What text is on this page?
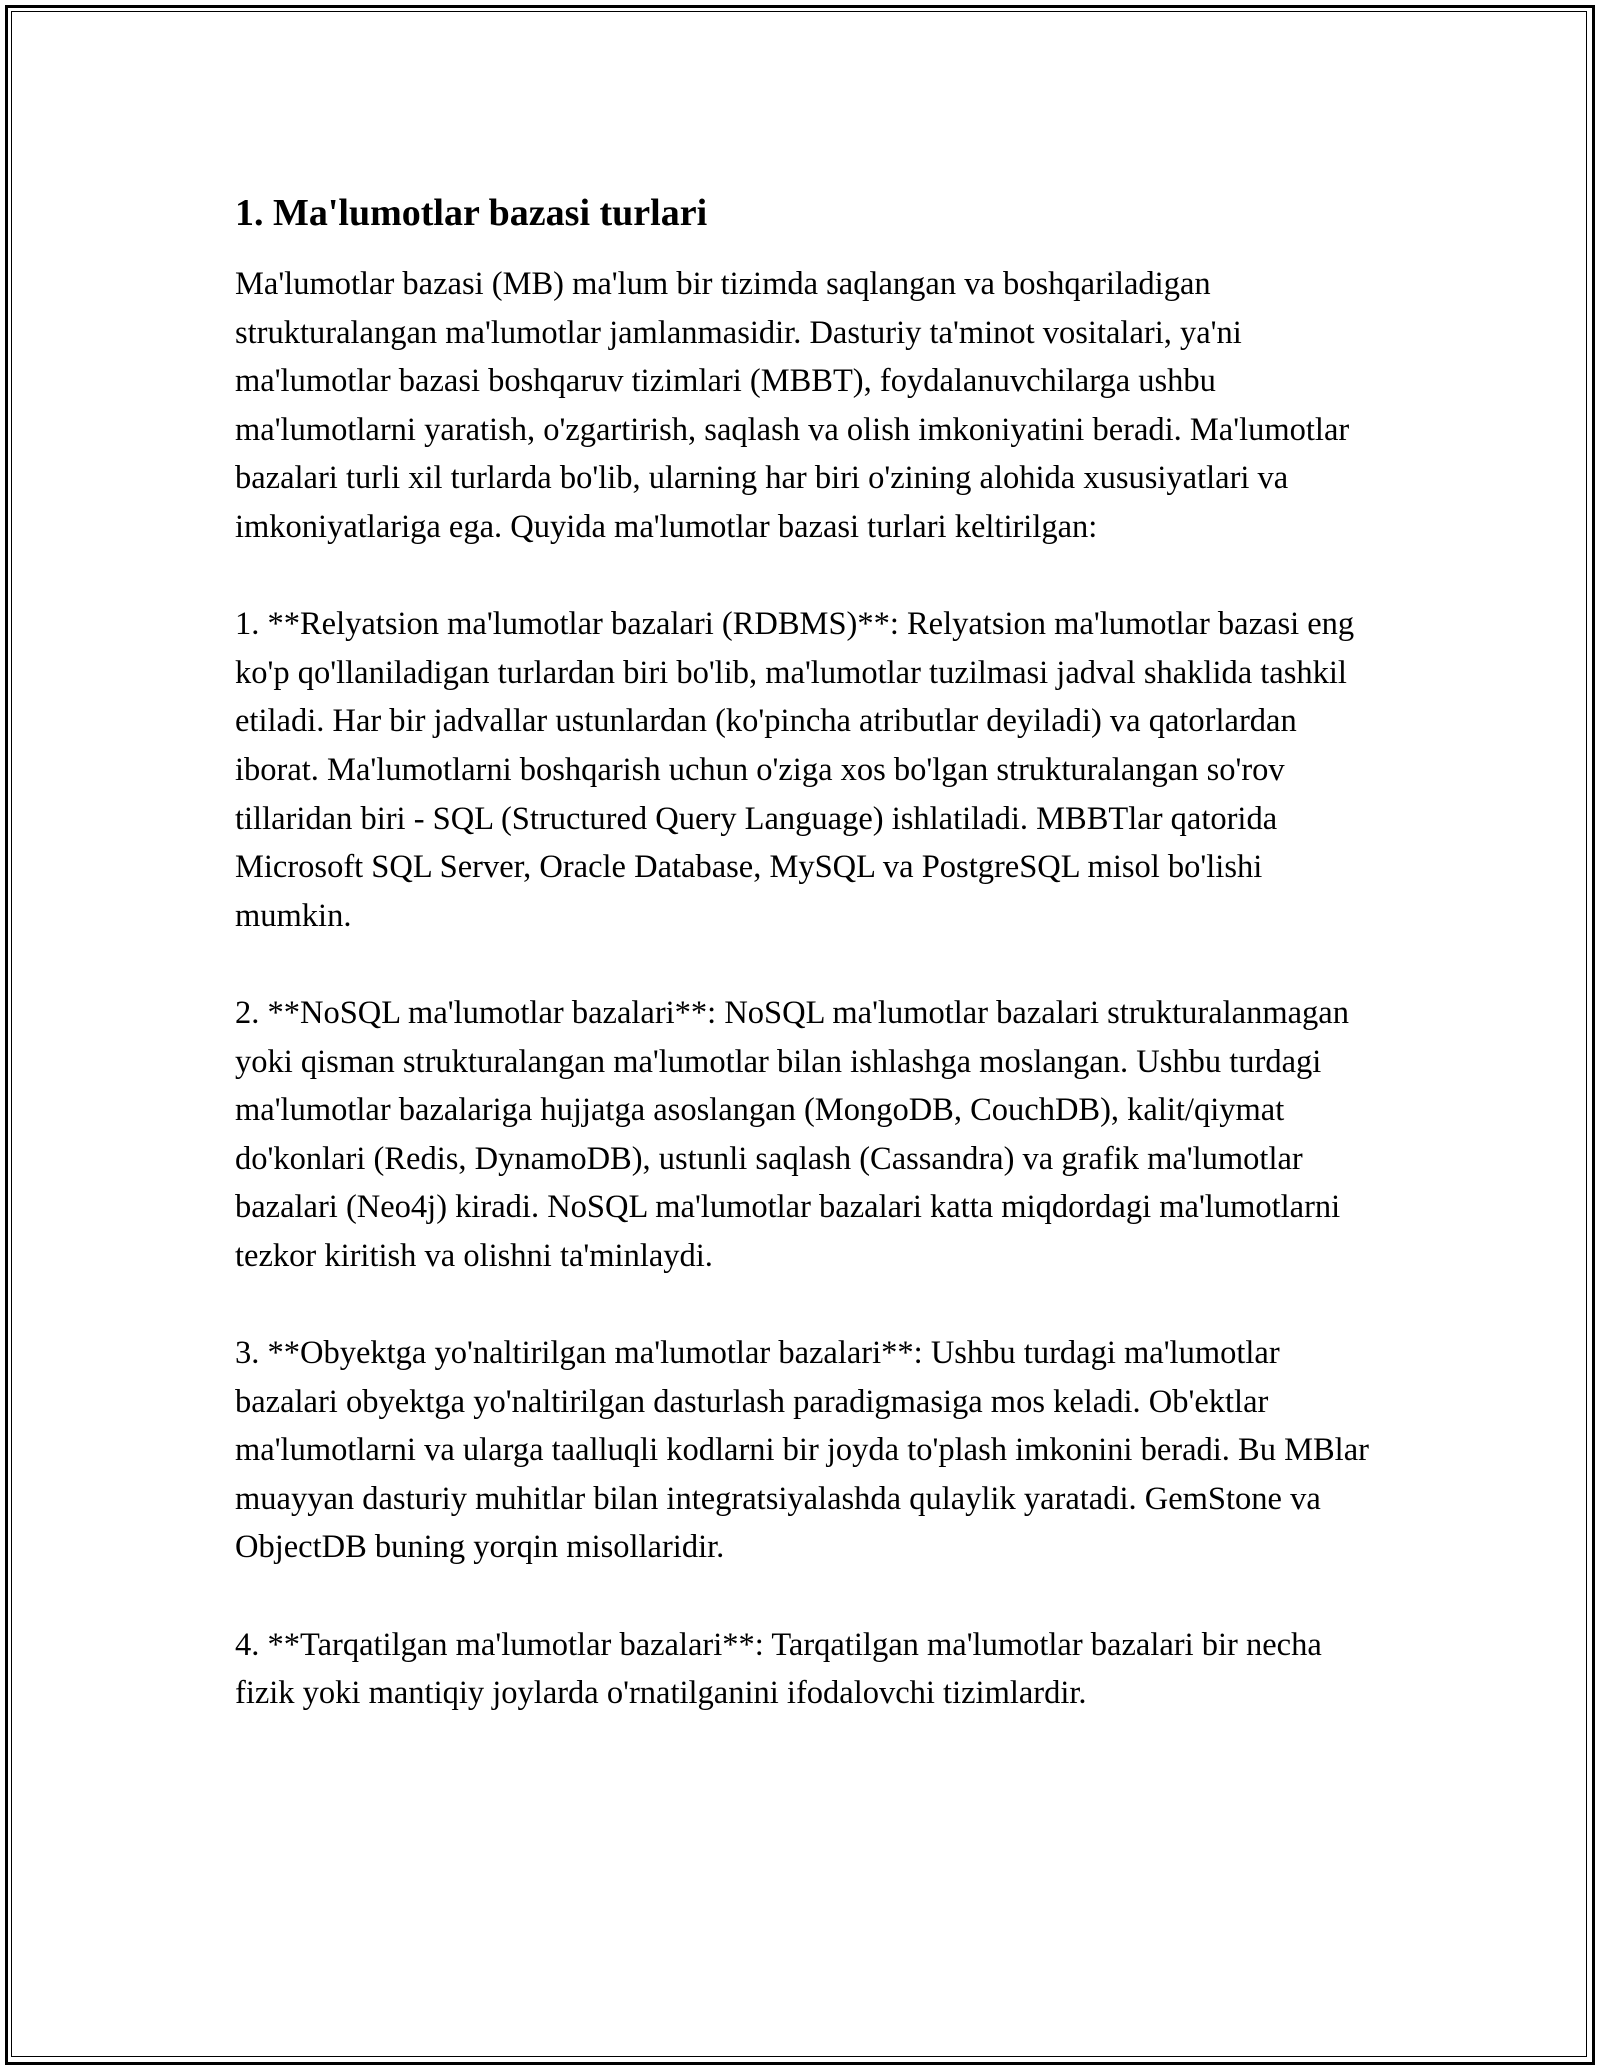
1. Ma'lumotlar bazasi turlari

Ma'lumotlar bazasi (MB) ma'lum bir tizimda saqlangan va boshqariladigan strukturalangan ma'lumotlar jamlanmasidir. Dasturiy ta'minot vositalari, ya'ni ma'lumotlar bazasi boshqaruv tizimlari (MBBT), foydalanuvchilarga ushbu ma'lumotlarni yaratish, o'zgartirish, saqlash va olish imkoniyatini beradi. Ma'lumotlar bazalari turli xil turlarda bo'lib, ularning har biri o'zining alohida xususiyatlari va imkoniyatlariga ega. Quyida ma'lumotlar bazasi turlari keltirilgan:

1. **Relyatsion ma'lumotlar bazalari (RDBMS)**: Relyatsion ma'lumotlar bazasi eng ko'p qo'llaniladigan turlardan biri bo'lib, ma'lumotlar tuzilmasi jadval shaklida tashkil etiladi. Har bir jadvallar ustunlardan (ko'pincha atributlar deyiladi) va qatorlardan iborat. Ma'lumotlarni boshqarish uchun o'ziga xos bo'lgan strukturalangan so'rov tillaridan biri - SQL (Structured Query Language) ishlatiladi. MBBTlar qatorida Microsoft SQL Server, Oracle Database, MySQL va PostgreSQL misol bo'lishi mumkin.

2. **NoSQL ma'lumotlar bazalari**: NoSQL ma'lumotlar bazalari strukturalanmagan yoki qisman strukturalangan ma'lumotlar bilan ishlashga moslangan. Ushbu turdagi ma'lumotlar bazalariga hujjatga asoslangan (MongoDB, CouchDB), kalit/qiymat do'konlari (Redis, DynamoDB), ustunli saqlash (Cassandra) va grafik ma'lumotlar bazalari (Neo4j) kiradi. NoSQL ma'lumotlar bazalari katta miqdordagi ma'lumotlarni tezkor kiritish va olishni ta'minlaydi.

3. **Obyektga yo'naltirilgan ma'lumotlar bazalari**: Ushbu turdagi ma'lumotlar bazalari obyektga yo'naltirilgan dasturlash paradigmasiga mos keladi. Ob'ektlar ma'lumotlarni va ularga taalluqli kodlarni bir joyda to'plash imkonini beradi. Bu MBlar muayyan dasturiy muhitlar bilan integratsiyalashda qulaylik yaratadi. GemStone va ObjectDB buning yorqin misollaridir.

4. **Tarqatilgan ma'lumotlar bazalari**: Tarqatilgan ma'lumotlar bazalari bir necha fizik yoki mantiqiy joylarda o'rnatilganini ifodalovchi tizimlardir.
